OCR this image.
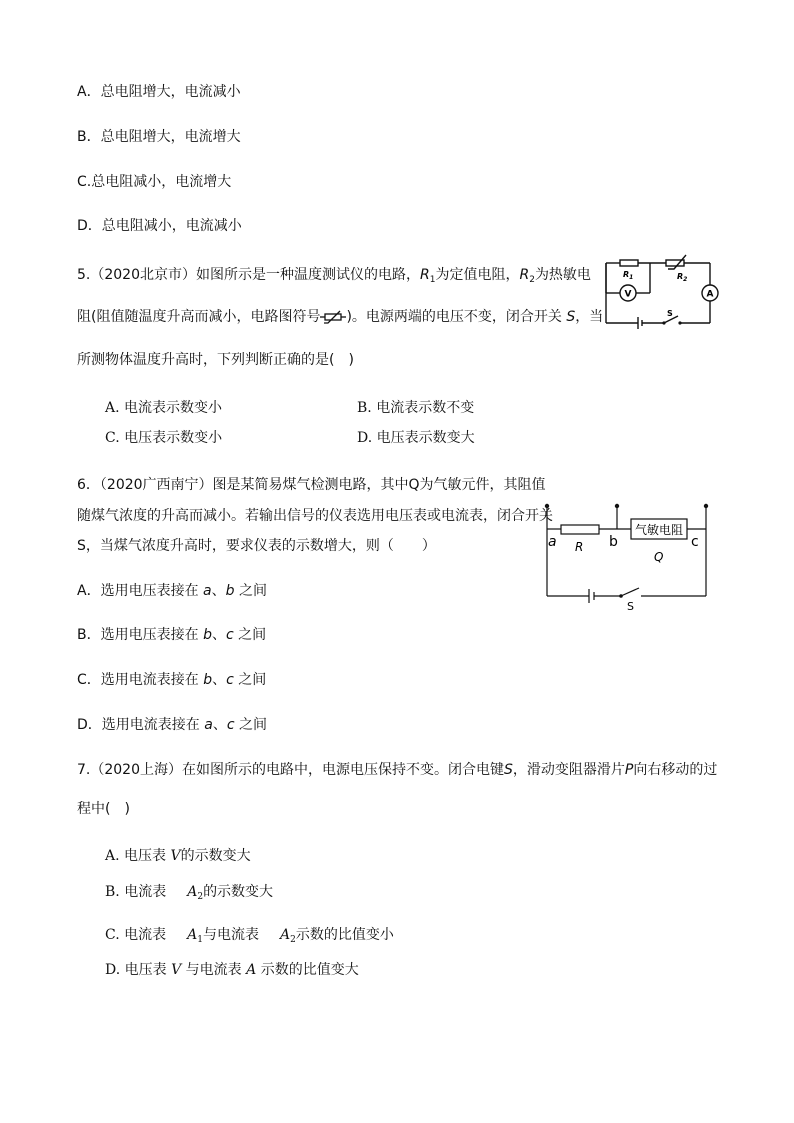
A．总电阻增大，电流减小
B．总电阻增大，电流增大
C.总电阻减小，电流增大
D．总电阻减小，电流减小
5.（2020北京市）如图所示是一种温度测试仪的电路，$R_1$为定值电阻，$R_2$为热敏电
阻(阻值随温度升高而减小，电路图符号 )。电源两端的电压不变，闭合开关 S，当
所测物体温度升高时，下列判断正确的是(　)
$R_1$	$R_2$
V	A
S
A. 电流表示数变小	B. 电流表示数不变
C. 电压表示数变小	D. 电压表示数变大
6．（2020广西南宁）图是某简易煤气检测电路，其中Q为气敏元件，其阻值
随煤气浓度的升高而减小。若输出信号的仪表选用电压表或电流表，闭合开关
S，当煤气浓度升高时，要求仪表的示数增大，则（　　）	a	b	c
R
气敏电阻
Q
S
A．选用电压表接在 a、b 之间
B．选用电压表接在 b、c 之间
C．选用电流表接在 b、c 之间
D．选用电流表接在 a、c 之间
7.（2020上海）在如图所示的电路中，电源电压保持不变。闭合电键S，滑动变阻器滑片P向右移动的过
程中(　)
A. 电压表 V的示数变大
B. 电流表   $A_2$的示数变大
C. 电流表   $A_1$与电流表   $A_2$示数的比值变小
D. 电压表 V 与电流表 A 示数的比值变大
